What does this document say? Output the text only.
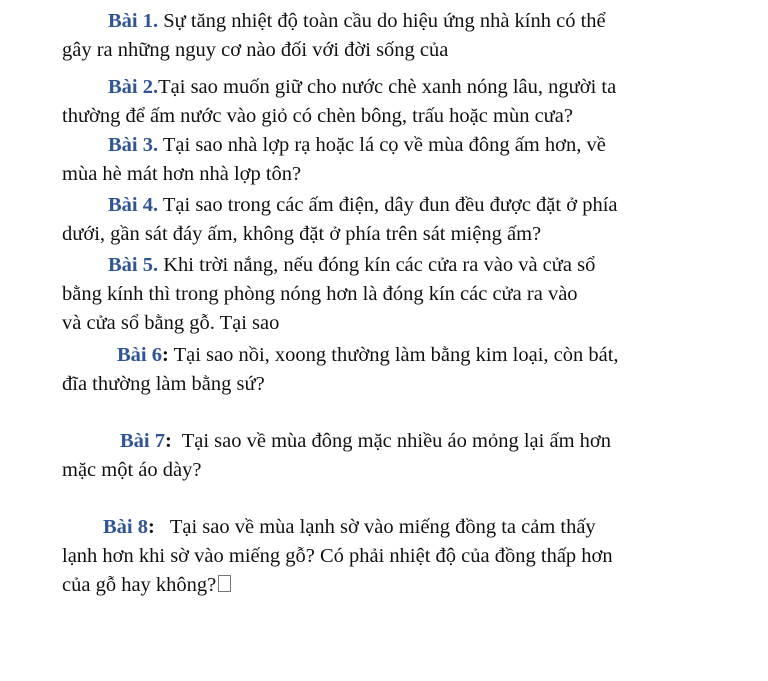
Bài 1. Sự tăng nhiệt độ toàn cầu do hiệu ứng nhà kính có thể

gây ra những nguy cơ nào đối với đời sống của

Bài 2.Tại sao muốn giữ cho nước chè xanh nóng lâu, người ta

thường để ấm nước vào giỏ có chèn bông, trấu hoặc mùn cưa?

Bài 3. Tại sao nhà lợp rạ hoặc lá cọ về mùa đông ấm hơn, về

mùa hè mát hơn nhà lợp tôn?

Bài 4. Tại sao trong các ấm điện, dây đun đều được đặt ở phía

dưới, gần sát đáy ấm, không đặt ở phía trên sát miệng ấm?

Bài 5. Khi trời nắng, nếu đóng kín các cửa ra vào và cửa sổ

bằng kính thì trong phòng nóng hơn là đóng kín các cửa ra vào

và cửa sổ bằng gỗ. Tại sao

Bài 6: Tại sao nồi, xoong thường làm bằng kim loại, còn bát,

đĩa thường làm bằng sứ?

Bài 7:  Tại sao về mùa đông mặc nhiều áo mỏng lại ấm hơn

mặc một áo dày?

Bài 8:   Tại sao về mùa lạnh sờ vào miếng đồng ta cảm thấy

lạnh hơn khi sờ vào miếng gỗ? Có phải nhiệt độ của đồng thấp hơn

của gỗ hay không?
